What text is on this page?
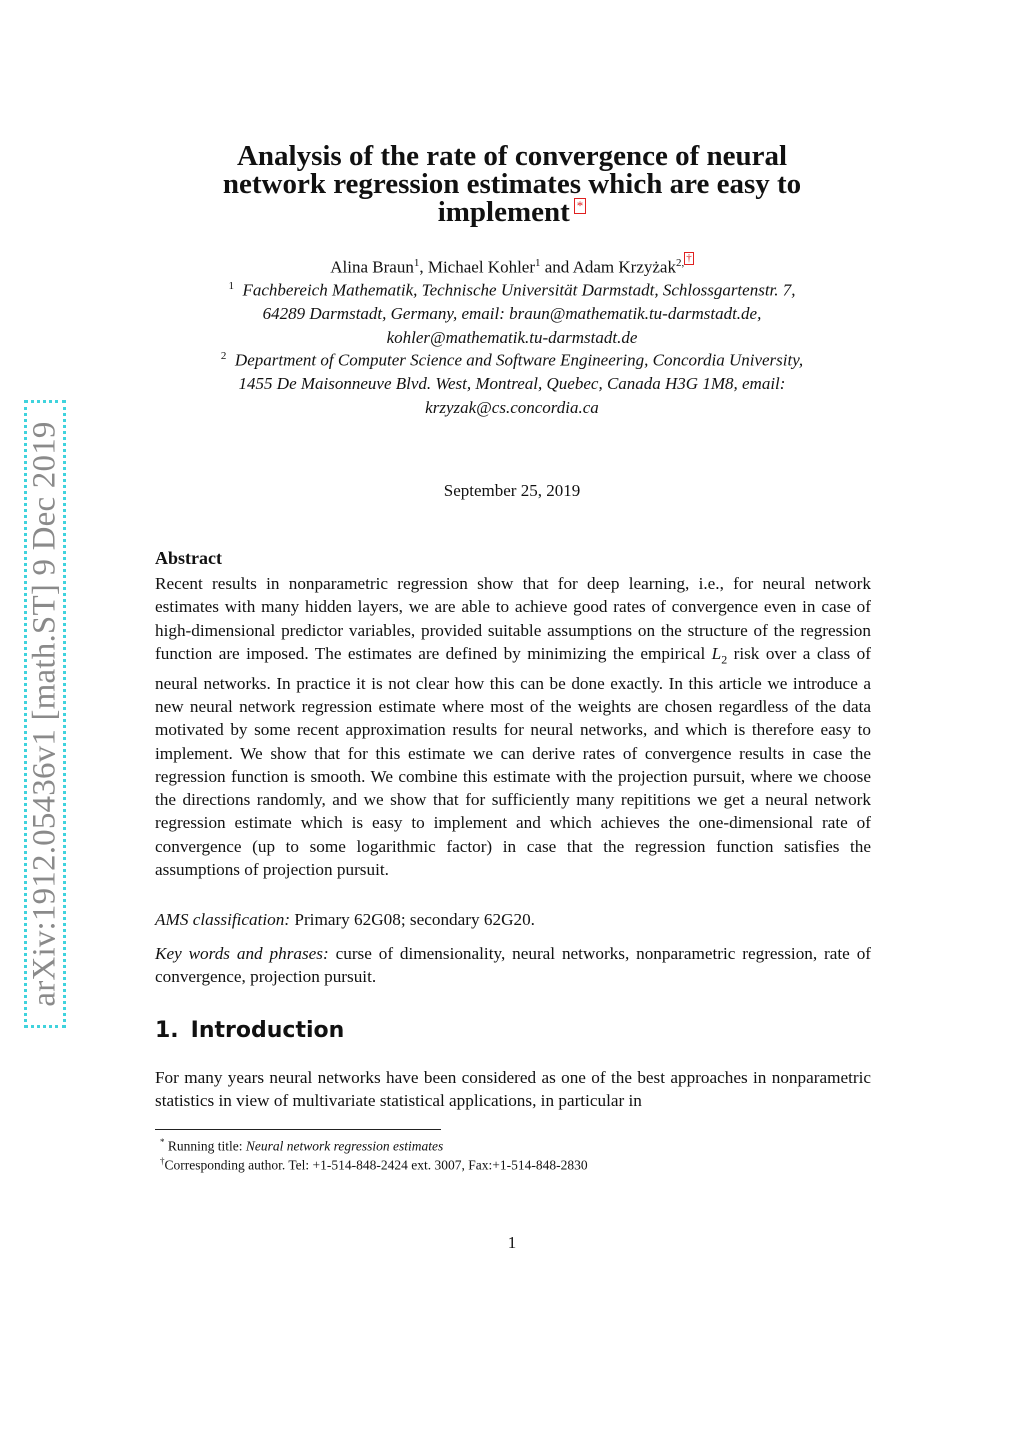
arXiv:1912.05436v1 [math.ST] 9 Dec 2019
Analysis of the rate of convergence of neural
network regression estimates which are easy to
implement *
Alina Braun$^1$, Michael Kohler$^1$ and Adam Krzyżak$^{2,}$ †
$^1$ Fachbereich Mathematik, Technische Universität Darmstadt, Schlossgartenstr. 7,
64289 Darmstadt, Germany, email: braun@mathematik.tu-darmstadt.de,
kohler@mathematik.tu-darmstadt.de
$^2$ Department of Computer Science and Software Engineering, Concordia University,
1455 De Maisonneuve Blvd. West, Montreal, Quebec, Canada H3G 1M8, email:
krzyzak@cs.concordia.ca
September 25, 2019
Abstract
Recent results in nonparametric regression show that for deep learning, i.e., for neural network estimates with many hidden layers, we are able to achieve good rates of convergence even in case of high-dimensional predictor variables, provided suitable assumptions on the structure of the regression function are imposed. The estimates are defined by minimizing the empirical $L_2$ risk over a class of neural networks. In practice it is not clear how this can be done exactly. In this article we introduce a new neural network regression estimate where most of the weights are chosen regardless of the data motivated by some recent approximation results for neural networks, and which is therefore easy to implement. We show that for this estimate we can derive rates of convergence results in case the regression function is smooth. We combine this estimate with the projection pursuit, where we choose the directions randomly, and we show that for sufficiently many repititions we get a neural network regression estimate which is easy to implement and which achieves the one-dimensional rate of convergence (up to some logarithmic factor) in case that the regression function satisfies the assumptions of projection pursuit.
AMS classification: Primary 62G08; secondary 62G20.
Key words and phrases: curse of dimensionality, neural networks, nonparametric regression, rate of convergence, projection pursuit.
1. Introduction
For many years neural networks have been considered as one of the best approaches in nonparametric statistics in view of multivariate statistical applications, in particular in
* Running title: Neural network regression estimates
†Corresponding author. Tel: +1-514-848-2424 ext. 3007, Fax:+1-514-848-2830
1
